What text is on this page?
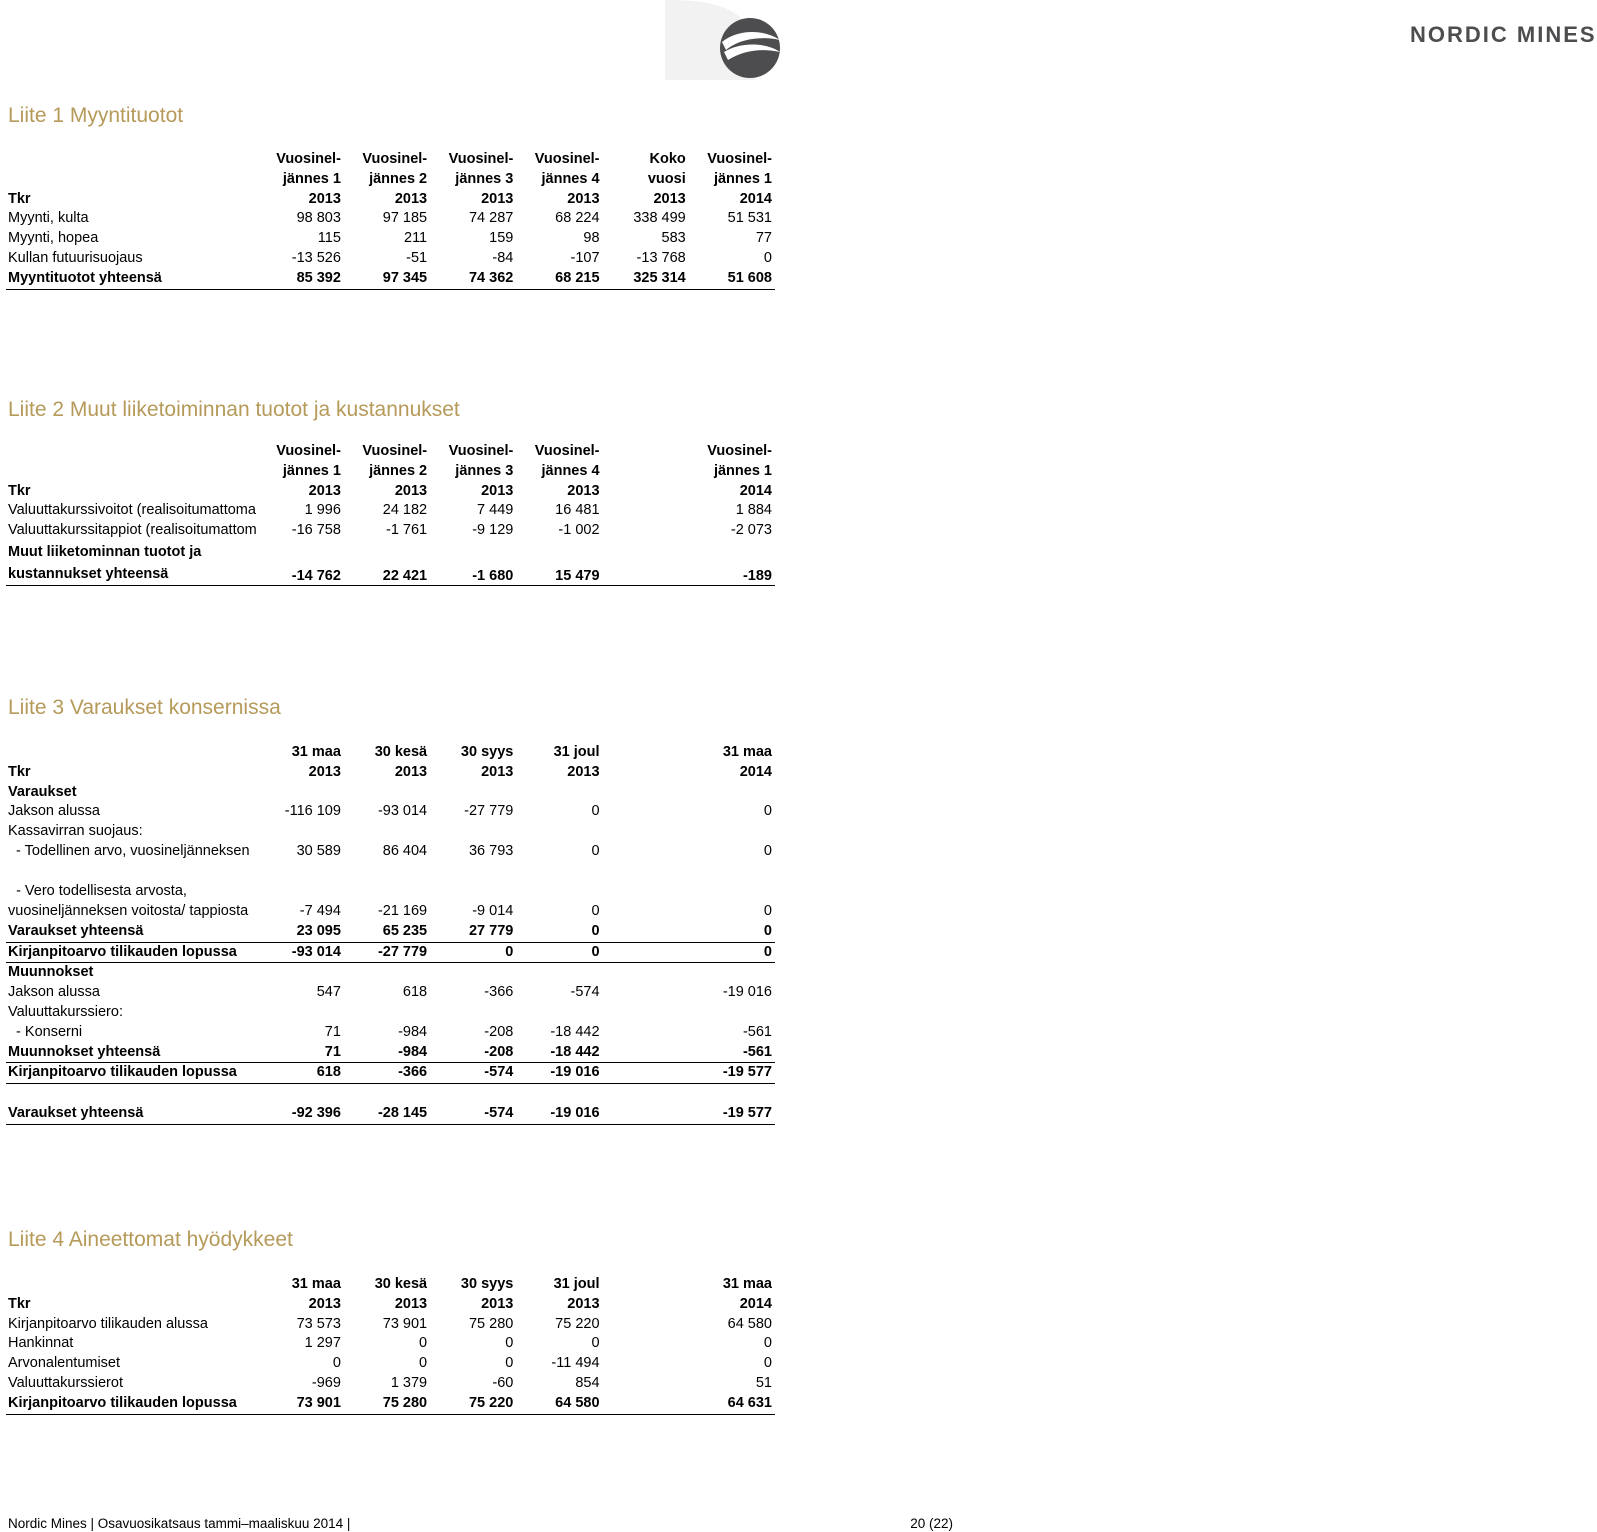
NORDIC MINES
Liite 1 Myyntituotot
	Vuosinel-	Vuosinel-	Vuosinel-	Vuosinel-	Koko	Vuosinel-
	jännes 1	jännes 2	jännes 3	jännes 4	vuosi	jännes 1
Tkr	2013	2013	2013	2013	2013	2014
Myynti, kulta	98 803	97 185	74 287	68 224	338 499	51 531
Myynti, hopea	115	211	159	98	583	77
Kullan futuurisuojaus	-13 526	-51	-84	-107	-13 768	0
Myyntituotot yhteensä	85 392	97 345	74 362	68 215	325 314	51 608
Liite 2 Muut liiketoiminnan tuotot ja kustannukset
	Vuosinel-	Vuosinel-	Vuosinel-	Vuosinel-		Vuosinel-
	jännes 1	jännes 2	jännes 3	jännes 4		jännes 1
Tkr	2013	2013	2013	2013		2014
Valuuttakurssivoitot (realisoitumattoma	1 996	24 182	7 449	16 481		1 884
Valuuttakurssitappiot (realisoitumattom	-16 758	-1 761	-9 129	-1 002		-2 073
Muut liiketominnan tuotot ja kustannukset yhteensä	-14 762	22 421	-1 680	15 479		-189
Liite 3 Varaukset konsernissa
	31 maa	30 kesä	30 syys	31 joul		31 maa
Tkr	2013	2013	2013	2013		2014
Varaukset						
Jakson alussa	-116 109	-93 014	-27 779	0		0
Kassavirran suojaus:						
- Todellinen arvo, vuosineljänneksen	30 589	86 404	36 793	0		0
- Vero todellisesta arvosta, vuosineljänneksen voitosta/ tappiosta	-7 494	-21 169	-9 014	0		0
Varaukset yhteensä	23 095	65 235	27 779	0		0
Kirjanpitoarvo tilikauden lopussa	-93 014	-27 779	0	0		0
Muunnokset						
Jakson alussa	547	618	-366	-574		-19 016
Valuuttakurssiero:						
- Konserni	71	-984	-208	-18 442		-561
Muunnokset yhteensä	71	-984	-208	-18 442		-561
Kirjanpitoarvo tilikauden lopussa	618	-366	-574	-19 016		-19 577

Varaukset yhteensä	-92 396	-28 145	-574	-19 016		-19 577
Liite 4 Aineettomat hyödykkeet
	31 maa	30 kesä	30 syys	31 joul		31 maa
Tkr	2013	2013	2013	2013		2014
Kirjanpitoarvo tilikauden alussa	73 573	73 901	75 280	75 220		64 580
Hankinnat	1 297	0	0	0		0
Arvonalentumiset	0	0	0	-11 494		0
Valuuttakurssierot	-969	1 379	-60	854		51
Kirjanpitoarvo tilikauden lopussa	73 901	75 280	75 220	64 580		64 631
Nordic Mines | Osavuosikatsaus tammi–maaliskuu 2014 |	20 (22)
